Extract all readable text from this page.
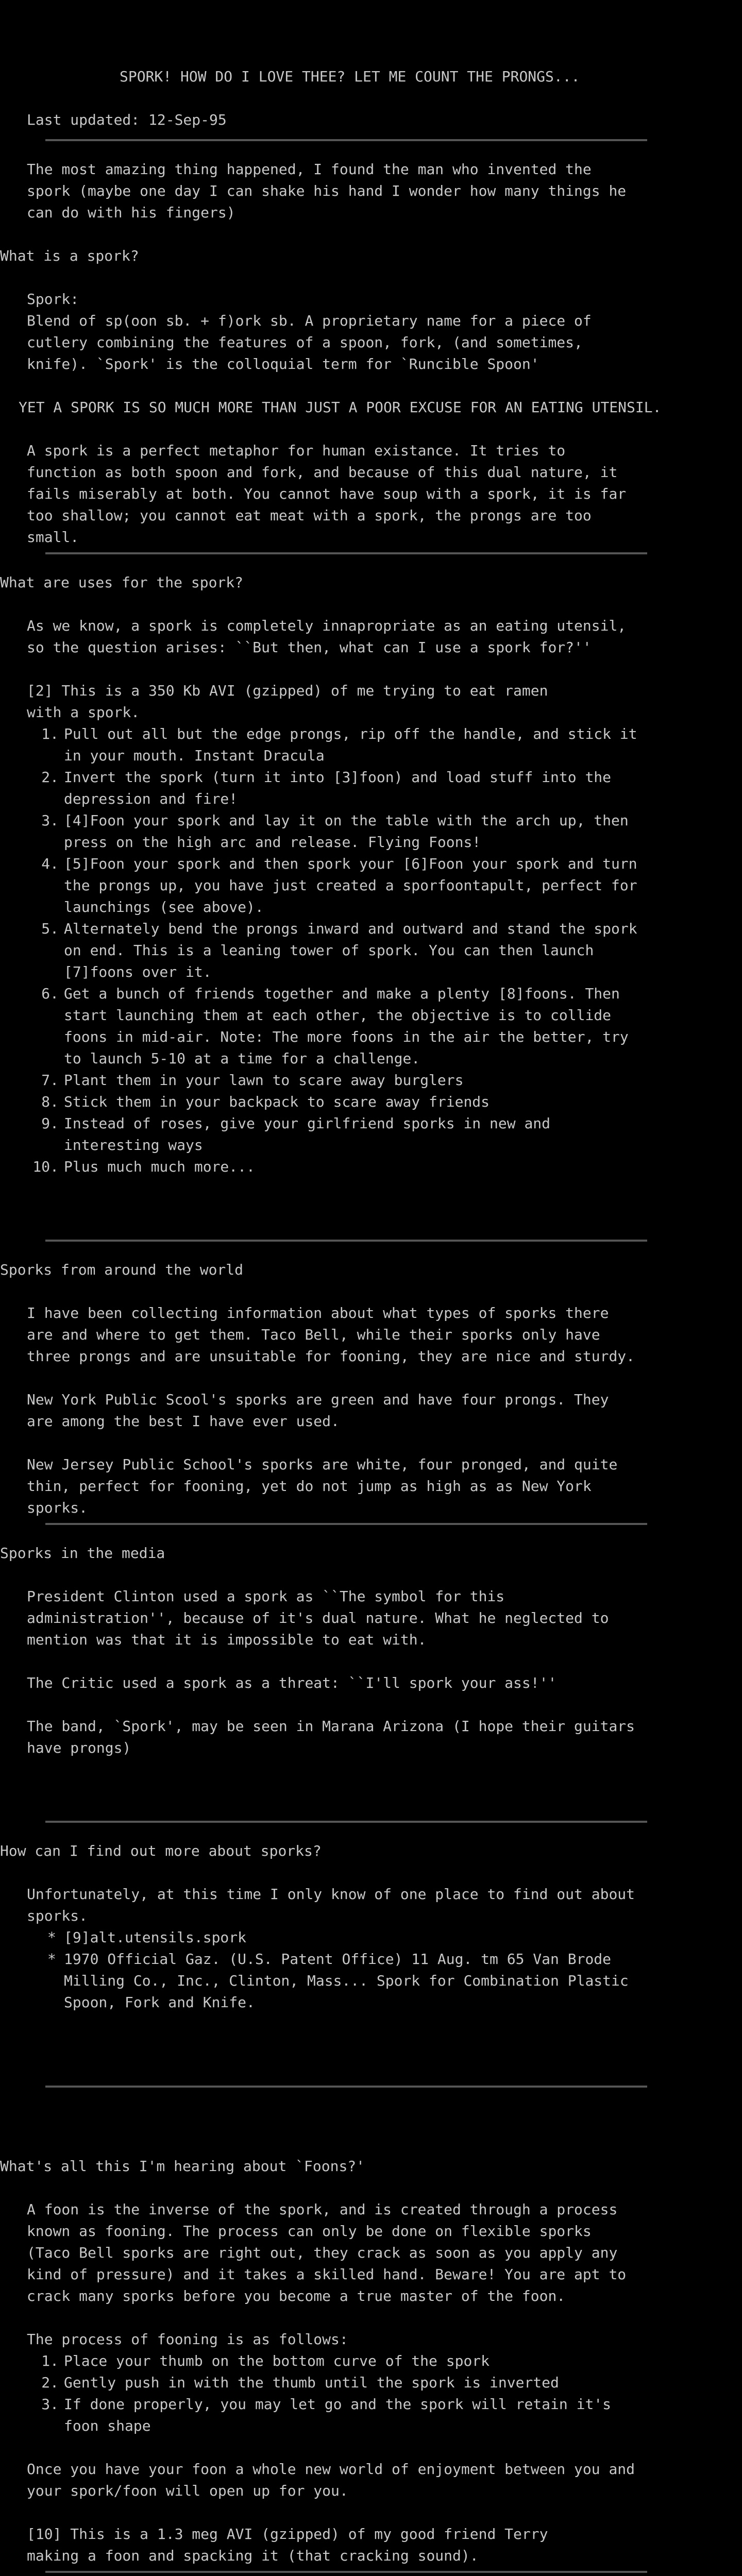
SPORK! HOW DO I LOVE THEE? LET ME COUNT THE PRONGS...
Last updated: 12-Sep-95
The most amazing thing happened, I found the man who invented the
spork (maybe one day I can shake his hand I wonder how many things he
can do with his fingers)
What is a spork?
Spork:
Blend of sp(oon sb. + f)ork sb. A proprietary name for a piece of
cutlery combining the features of a spoon, fork, (and sometimes,
knife). `Spork' is the colloquial term for `Runcible Spoon'
YET A SPORK IS SO MUCH MORE THAN JUST A POOR EXCUSE FOR AN EATING UTENSIL.
A spork is a perfect metaphor for human existance. It tries to
function as both spoon and fork, and because of this dual nature, it
fails miserably at both. You cannot have soup with a spork, it is far
too shallow; you cannot eat meat with a spork, the prongs are too
small.
What are uses for the spork?
As we know, a spork is completely innapropriate as an eating utensil,
so the question arises: ``But then, what can I use a spork for?''
[2] This is a 350 Kb AVI (gzipped) of me trying to eat ramen
with a spork.
1. Pull out all but the edge prongs, rip off the handle, and stick it
in your mouth. Instant Dracula
2. Invert the spork (turn it into [3]foon) and load stuff into the
depression and fire!
3. [4]Foon your spork and lay it on the table with the arch up, then
press on the high arc and release. Flying Foons!
4. [5]Foon your spork and then spork your [6]Foon your spork and turn
the prongs up, you have just created a sporfoontapult, perfect for
launchings (see above).
5. Alternately bend the prongs inward and outward and stand the spork
on end. This is a leaning tower of spork. You can then launch
[7]foons over it.
6. Get a bunch of friends together and make a plenty [8]foons. Then
start launching them at each other, the objective is to collide
foons in mid-air. Note: The more foons in the air the better, try
to launch 5-10 at a time for a challenge.
7. Plant them in your lawn to scare away burglers
8. Stick them in your backpack to scare away friends
9. Instead of roses, give your girlfriend sporks in new and
interesting ways
10. Plus much much more...
Sporks from around the world
I have been collecting information about what types of sporks there
are and where to get them. Taco Bell, while their sporks only have
three prongs and are unsuitable for fooning, they are nice and sturdy.
New York Public Scool's sporks are green and have four prongs. They
are among the best I have ever used.
New Jersey Public School's sporks are white, four pronged, and quite
thin, perfect for fooning, yet do not jump as high as as New York
sporks.
Sporks in the media
President Clinton used a spork as ``The symbol for this
administration'', because of it's dual nature. What he neglected to
mention was that it is impossible to eat with.
The Critic used a spork as a threat: ``I'll spork your ass!''
The band, `Spork', may be seen in Marana Arizona (I hope their guitars
have prongs)
How can I find out more about sporks?
Unfortunately, at this time I only know of one place to find out about
sporks.
• * [9]alt.utensils.spork
• * 1970 Official Gaz. (U.S. Patent Office) 11 Aug. tm 65 Van Brode
Milling Co., Inc., Clinton, Mass... Spork for Combination Plastic
Spoon, Fork and Knife.
What's all this I'm hearing about `Foons?'
A foon is the inverse of the spork, and is created through a process
known as fooning. The process can only be done on flexible sporks
(Taco Bell sporks are right out, they crack as soon as you apply any
kind of pressure) and it takes a skilled hand. Beware! You are apt to
crack many sporks before you become a true master of the foon.
The process of fooning is as follows:
1. Place your thumb on the bottom curve of the spork
2. Gently push in with the thumb until the spork is inverted
3. If done properly, you may let go and the spork will retain it's
foon shape
Once you have your foon a whole new world of enjoyment between you and
your spork/foon will open up for you.
[10] This is a 1.3 meg AVI (gzipped) of my good friend Terry
making a foon and spacking it (that cracking sound).
